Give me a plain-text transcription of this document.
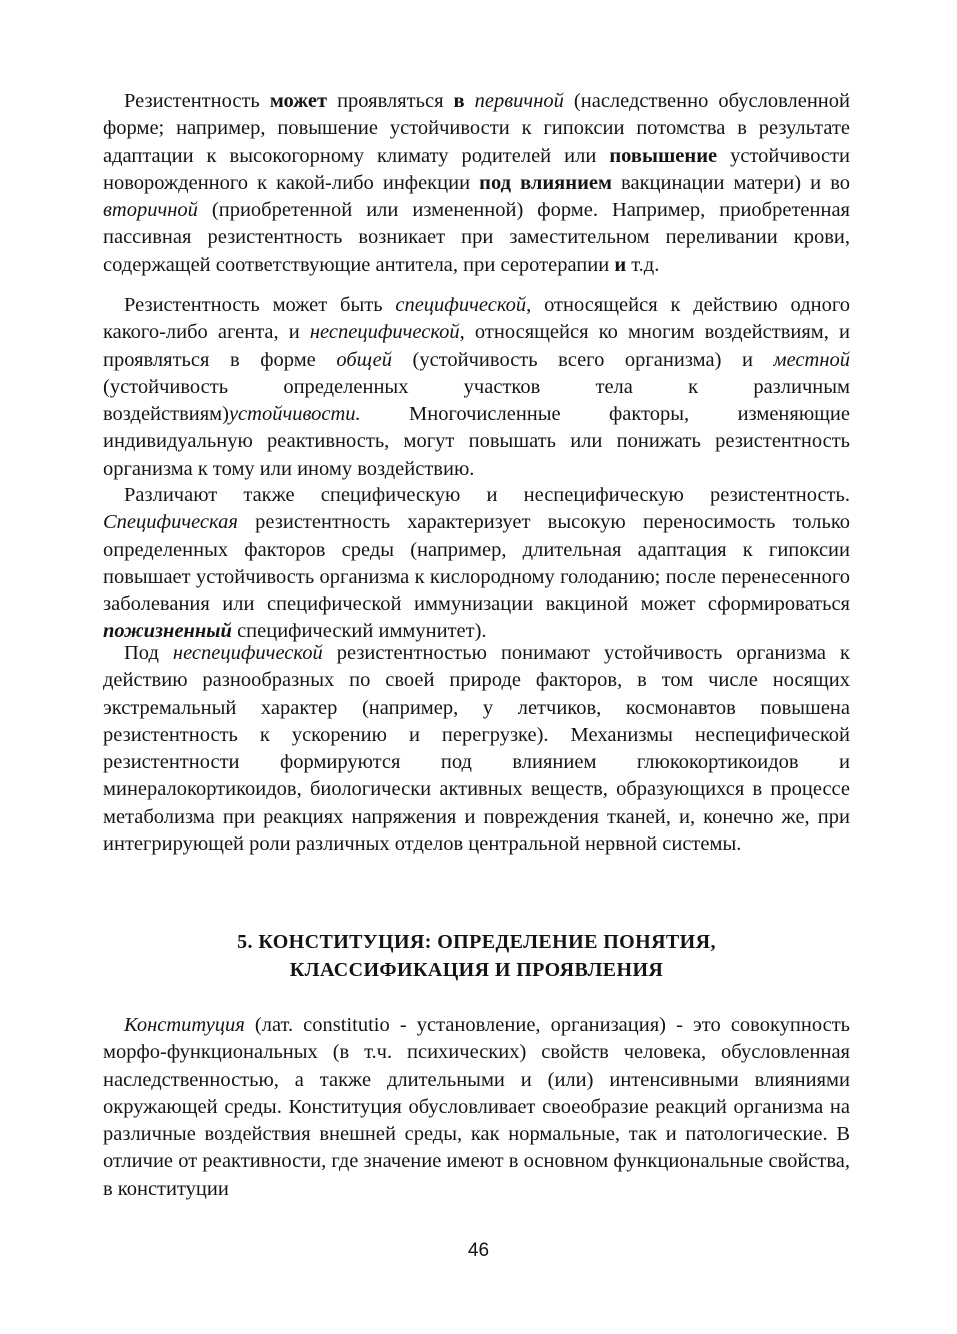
Резистентность может проявляться в первичной (наследственно обусловленной форме; например, повышение устойчивости к гипоксии потомства в результате адаптации к высокогорному климату родителей или повышение устойчивости новорожденного к какой-либо инфекции под влиянием вакцинации матери) и во вторичной (приобретенной или измененной) форме. Например, приобретенная пассивная резистентность возникает при заместительном переливании крови, содержащей соответствующие антитела, при серотерапии и т.д.

Резистентность может быть специфической, относящейся к действию одного какого-либо агента, и неспецифической, относящейся ко многим воздействиям, и проявляться в форме общей (устойчивость всего организма) и местной (устойчивость определенных участков тела к различным воздействиям)устойчивости. Многочисленные факторы, изменяющие индивидуальную реактивность, могут повышать или понижать резистентность организма к тому или иному воздействию.

Различают также специфическую и неспецифическую резистентность. Специфическая резистентность характеризует высокую переносимость только определенных факторов среды (например, длительная адаптация к гипоксии повышает устойчивость организма к кислородному голоданию; после перенесенного заболевания или специфической иммунизации вакциной может сформироваться пожизненный специфический иммунитет).

Под неспецифической резистентностью понимают устойчивость организма к действию разнообразных по своей природе факторов, в том числе носящих экстремальный характер (например, у летчиков, космонавтов повышена резистентность к ускорению и перегрузке). Механизмы неспецифической резистентности формируются под влиянием глюкокортикоидов и минералокортикоидов, биологически активных веществ, образующихся в процессе метаболизма при реакциях напряжения и повреждения тканей, и, конечно же, при интегрирующей роли различных отделов центральной нервной системы.

5. КОНСТИТУЦИЯ: ОПРЕДЕЛЕНИЕ ПОНЯТИЯ,
КЛАССИФИКАЦИЯ И ПРОЯВЛЕНИЯ

Конституция (лат. constitutio - установление, организация) - это совокупность морфо-функциональных (в т.ч. психических) свойств человека, обусловленная наследственностью, а также длительными и (или) интенсивными влияниями окружающей среды. Конституция обусловливает своеобразие реакций организма на различные воздействия внешней среды, как нормальные, так и патологические. В отличие от реактивности, где значение имеют в основном функциональные свойства, в конституции

46
